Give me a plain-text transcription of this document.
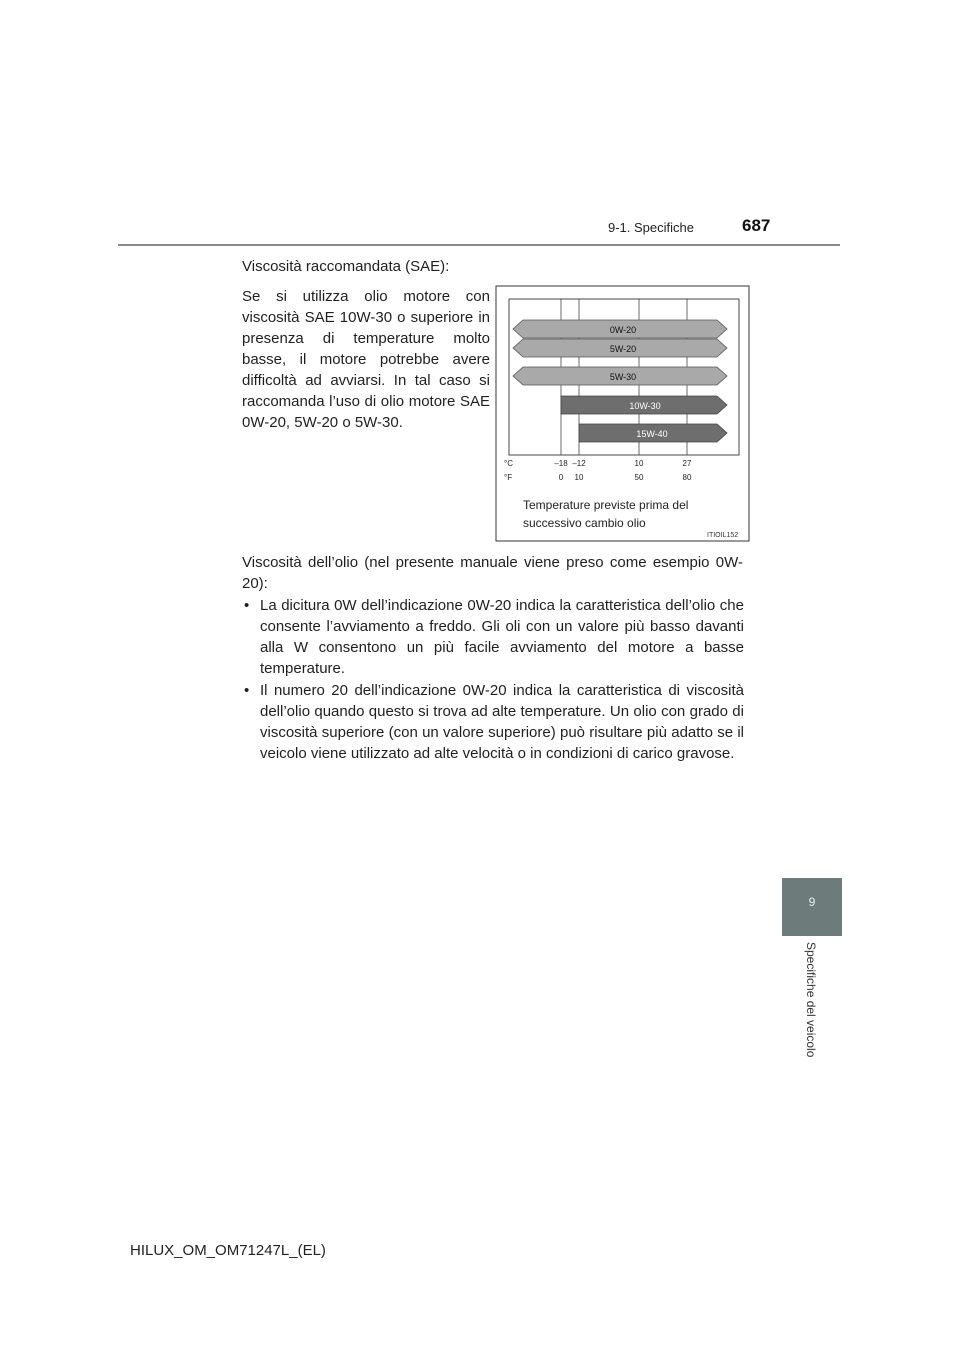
9-1. Specifiche	687
9
Specifiche del veicolo
Viscosità raccomandata (SAE):
Se si utilizza olio motore con viscosità SAE 10W-30 o superiore in presenza di temperature molto basse, il motore potrebbe avere difficoltà ad avviarsi. In tal caso si raccomanda l’uso di olio motore SAE 0W-20, 5W-20 o 5W-30.
0W-20
5W-20
5W-30
10W-30
15W-40
°C	–18 –12	10	27
°F	0 10	50	80
Temperature previste prima del
successivo cambio olio
ITIOIL152
Viscosità dell’olio (nel presente manuale viene preso come esempio 0W-20):
• La dicitura 0W dell’indicazione 0W-20 indica la caratteristica dell’olio che consente l’avviamento a freddo. Gli oli con un valore più basso davanti alla W consentono un più facile avviamento del motore a basse temperature.
• Il numero 20 dell’indicazione 0W-20 indica la caratteristica di viscosità dell’olio quando questo si trova ad alte temperature. Un olio con grado di viscosità superiore (con un valore superiore) può risultare più adatto se il veicolo viene utilizzato ad alte velocità o in condizioni di carico gravose.
HILUX_OM_OM71247L_(EL)
